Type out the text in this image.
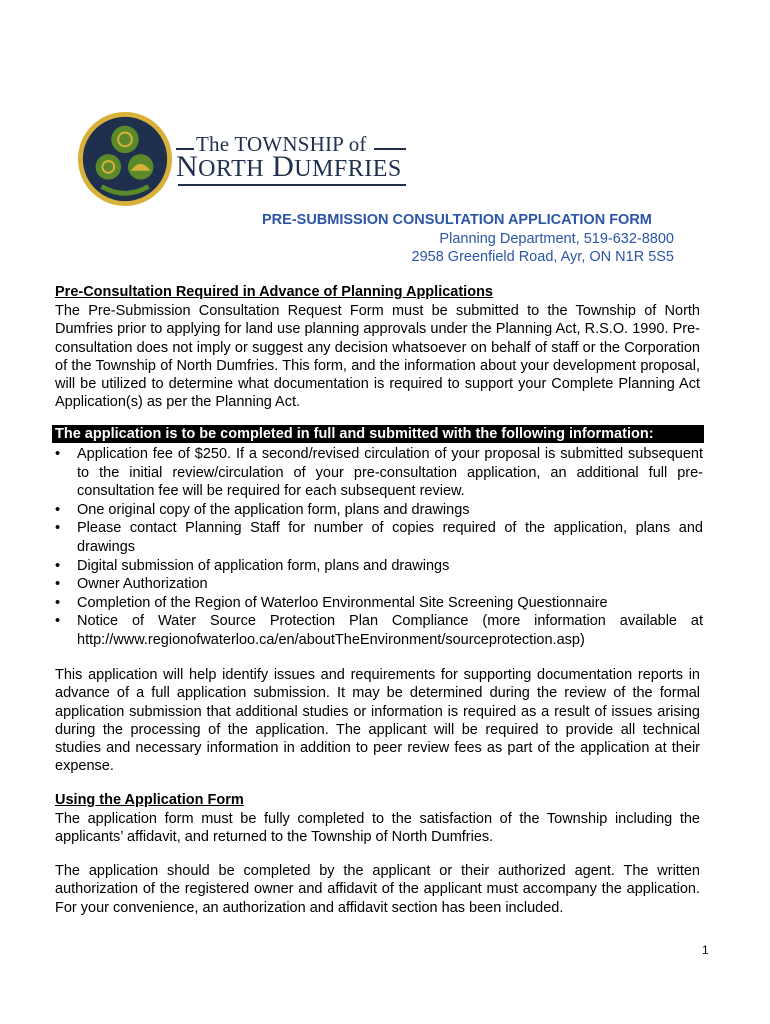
The TOWNSHIP of
NORTH DUMFRIES
PRE-SUBMISSION CONSULTATION APPLICATION FORM
Planning Department, 519-632-8800
2958 Greenfield Road, Ayr, ON N1R 5S5
Pre-Consultation Required in Advance of Planning Applications

The Pre-Submission Consultation Request Form must be submitted to the Township of North Dumfries prior to applying for land use planning approvals under the Planning Act, R.S.O. 1990. Pre-consultation does not imply or suggest any decision whatsoever on behalf of staff or the Corporation of the Township of North Dumfries. This form, and the information about your development proposal, will be utilized to determine what documentation is required to support your Complete Planning Act Application(s) as per the Planning Act.

The application is to be completed in full and submitted with the following information:
• Application fee of $250. If a second/revised circulation of your proposal is submitted subsequent to the initial review/circulation of your pre-consultation application, an additional full pre-consultation fee will be required for each subsequent review.
• One original copy of the application form, plans and drawings
• Please contact Planning Staff for number of copies required of the application, plans and drawings
• Digital submission of application form, plans and drawings
• Owner Authorization
• Completion of the Region of Waterloo Environmental Site Screening Questionnaire
• Notice of Water Source Protection Plan Compliance (more information available at http://www.regionofwaterloo.ca/en/aboutTheEnvironment/sourceprotection.asp)

This application will help identify issues and requirements for supporting documentation reports in advance of a full application submission. It may be determined during the review of the formal application submission that additional studies or information is required as a result of issues arising during the processing of the application. The applicant will be required to provide all technical studies and necessary information in addition to peer review fees as part of the application at their expense.

Using the Application Form

The application form must be fully completed to the satisfaction of the Township including the applicants’ affidavit, and returned to the Township of North Dumfries.

The application should be completed by the applicant or their authorized agent. The written authorization of the registered owner and affidavit of the applicant must accompany the application. For your convenience, an authorization and affidavit section has been included.

1
